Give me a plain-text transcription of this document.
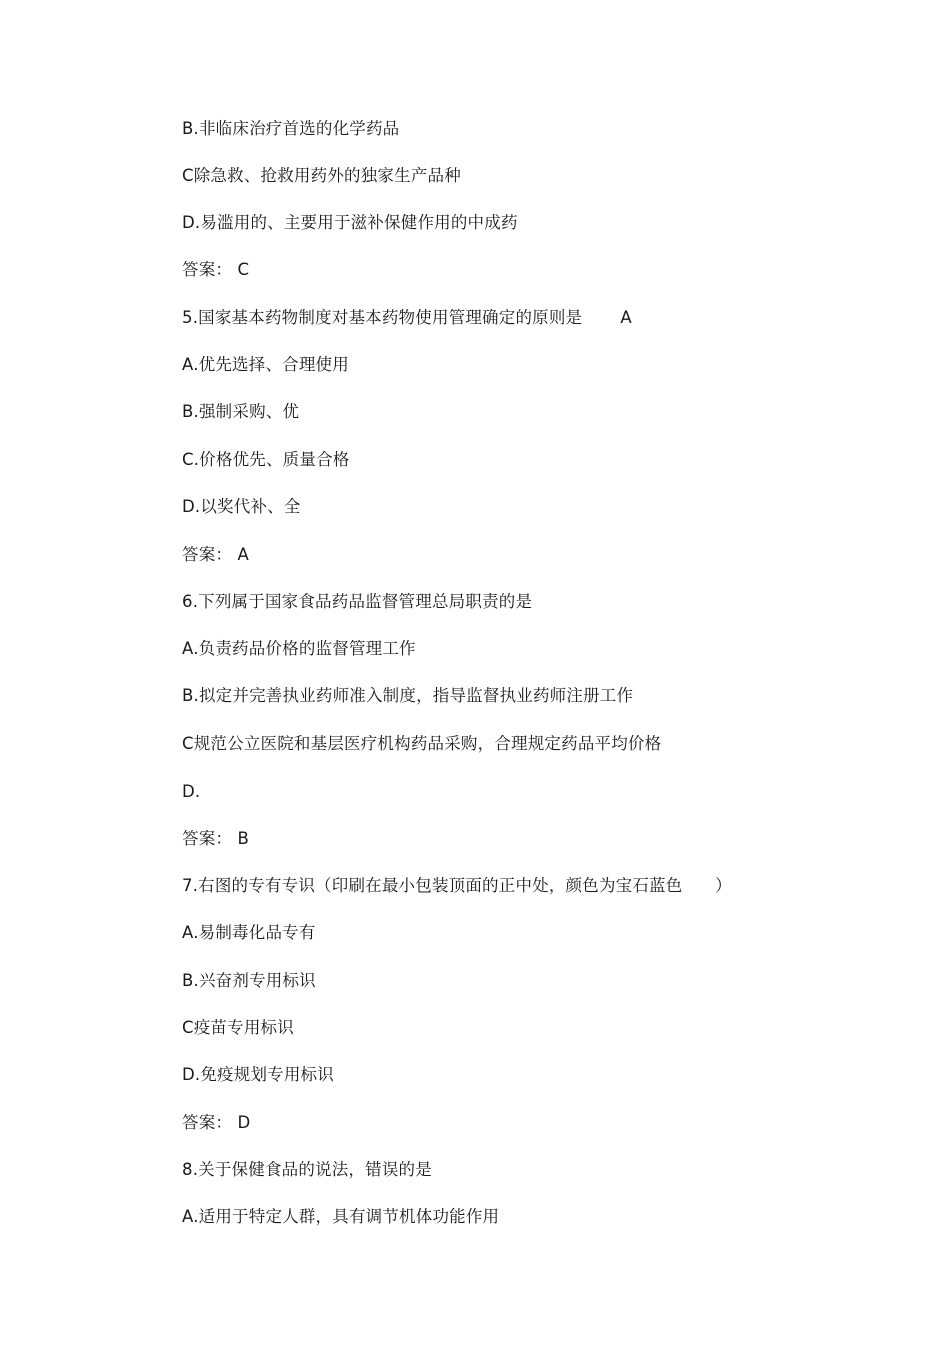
B.非临床治疗首选的化学药品
C除急救、抢救用药外的独家生产品种
D.易滥用的、主要用于滋补保健作用的中成药
答案： C
5.国家基本药物制度对基本药物使用管理确定的原则是       A
A.优先选择、合理使用
B.强制采购、优
C.价格优先、质量合格
D.以奖代补、全
答案： A
6.下列属于国家食品药品监督管理总局职责的是
A.负责药品价格的监督管理工作
B.拟定并完善执业药师准入制度，指导监督执业药师注册工作
C规范公立医院和基层医疗机构药品采购，合理规定药品平均价格
D.
答案： B
7.右图的专有专识（印刷在最小包装顶面的正中处，颜色为宝石蓝色      ）
A.易制毒化品专有
B.兴奋剂专用标识
C疫苗专用标识
D.免疫规划专用标识
答案： D
8.关于保健食品的说法，错误的是
A.适用于特定人群，具有调节机体功能作用
